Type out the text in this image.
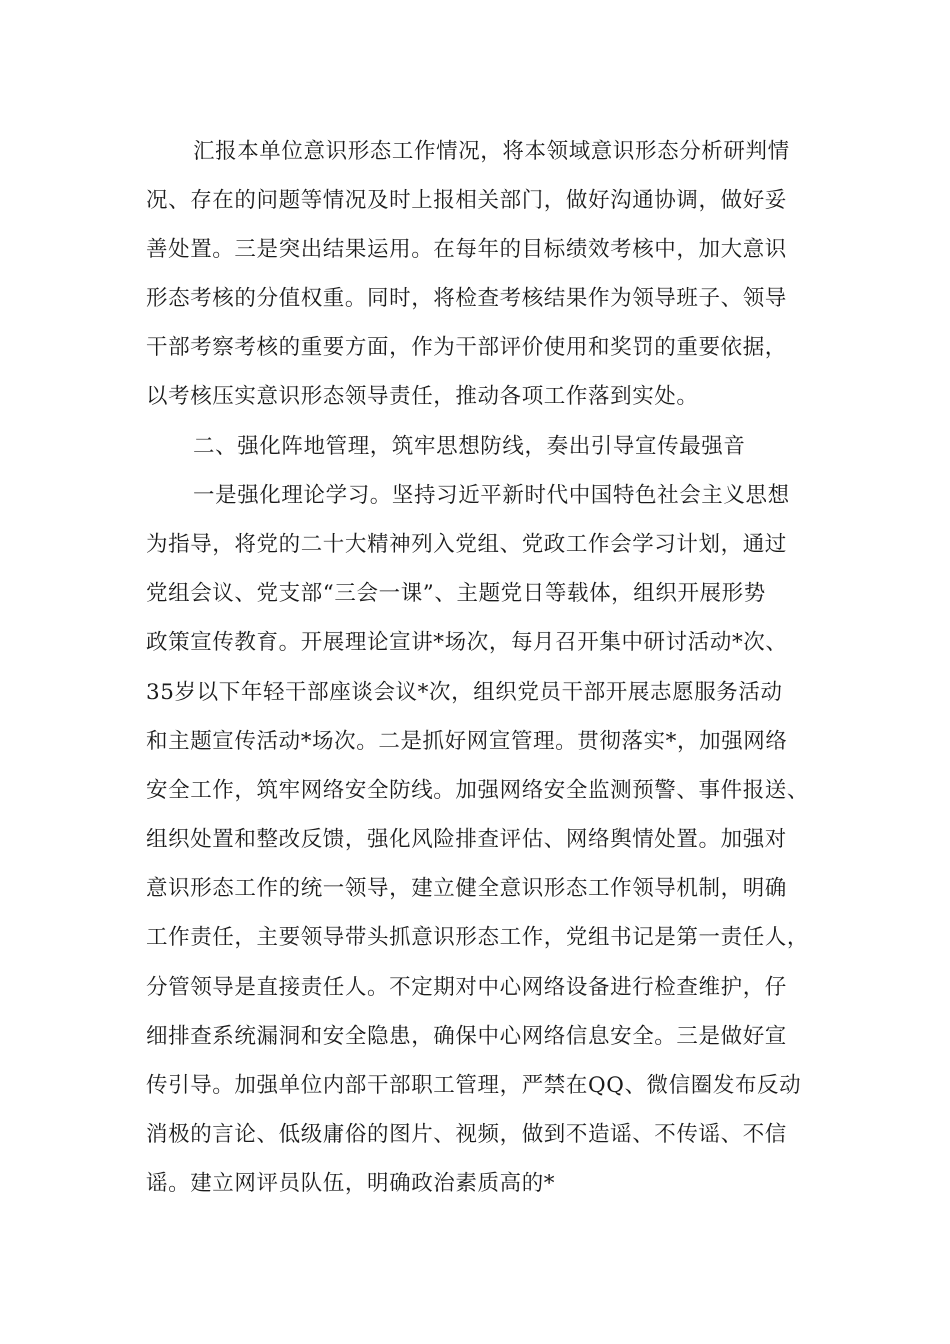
汇报本单位意识形态工作情况，将本领域意识形态分析研判情
况、存在的问题等情况及时上报相关部门，做好沟通协调，做好妥
善处置。三是突出结果运用。在每年的目标绩效考核中，加大意识
形态考核的分值权重。同时，将检查考核结果作为领导班子、领导
干部考察考核的重要方面，作为干部评价使用和奖罚的重要依据，
以考核压实意识形态领导责任，推动各项工作落到实处。
二、强化阵地管理，筑牢思想防线，奏出引导宣传最强音
一是强化理论学习。坚持习近平新时代中国特色社会主义思想
为指导，将党的二十大精神列入党组、党政工作会学习计划，通过
党组会议、党支部“三会一课”、主题党日等载体，组织开展形势
政策宣传教育。开展理论宣讲*场次，每月召开集中研讨活动*次、
35岁以下年轻干部座谈会议*次，组织党员干部开展志愿服务活动
和主题宣传活动*场次。二是抓好网宣管理。贯彻落实*，加强网络
安全工作，筑牢网络安全防线。加强网络安全监测预警、事件报送、
组织处置和整改反馈，强化风险排查评估、网络舆情处置。加强对
意识形态工作的统一领导，建立健全意识形态工作领导机制，明确
工作责任，主要领导带头抓意识形态工作，党组书记是第一责任人，
分管领导是直接责任人。不定期对中心网络设备进行检查维护，仔
细排查系统漏洞和安全隐患，确保中心网络信息安全。三是做好宣
传引导。加强单位内部干部职工管理，严禁在QQ、微信圈发布反动
消极的言论、低级庸俗的图片、视频，做到不造谣、不传谣、不信
谣。建立网评员队伍，明确政治素质高的*
